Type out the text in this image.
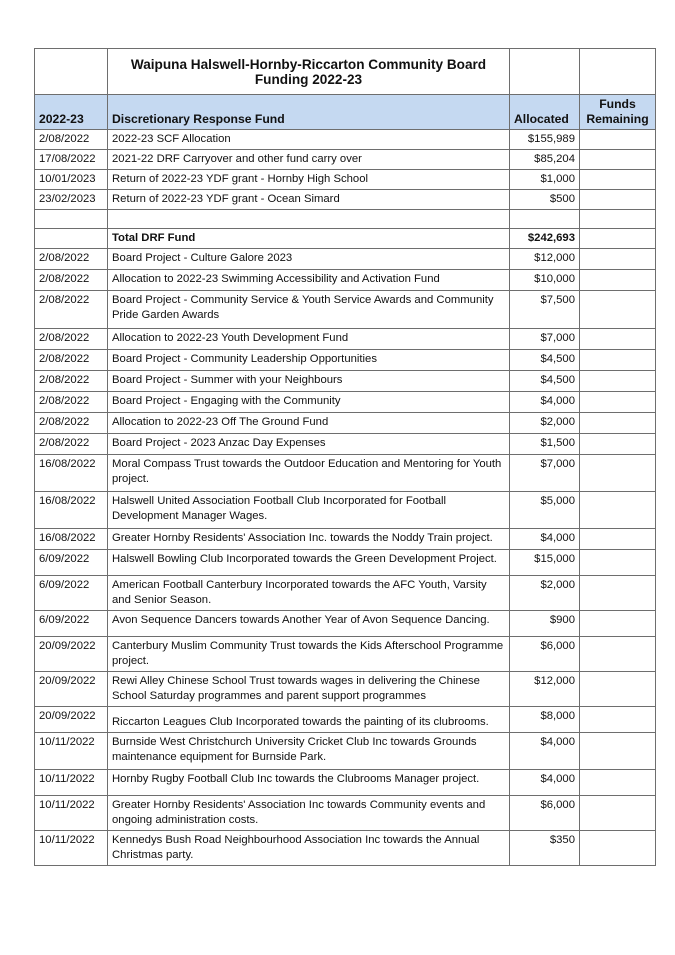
	Waipuna Halswell-Hornby-Riccarton Community Board
Funding 2022-23		

2022-23	Discretionary Response Fund	Allocated	Funds
Remaining

2/08/2022	2022-23 SCF Allocation	$155,989	
17/08/2022	2021-22 DRF Carryover and other fund carry over	$85,204	
10/01/2023	Return of 2022-23 YDF grant - Hornby High School	$1,000	
23/02/2023	Return of 2022-23 YDF grant - Ocean Simard	$500	

	Total DRF Fund	$242,693	
2/08/2022	Board Project - Culture Galore 2023	$12,000	
2/08/2022	Allocation to 2022-23 Swimming Accessibility and Activation Fund	$10,000	
2/08/2022	Board Project - Community Service & Youth Service Awards and Community Pride Garden Awards	$7,500	
2/08/2022	Allocation to 2022-23 Youth Development Fund	$7,000	
2/08/2022	Board Project - Community Leadership Opportunities	$4,500	
2/08/2022	Board Project - Summer with your Neighbours	$4,500	
2/08/2022	Board Project - Engaging with the Community	$4,000	
2/08/2022	Allocation to 2022-23 Off The Ground Fund	$2,000	
2/08/2022	Board Project - 2023 Anzac Day Expenses	$1,500	
16/08/2022	Moral Compass Trust towards the Outdoor Education and Mentoring for Youth project.	$7,000	
16/08/2022	Halswell United Association Football Club Incorporated for Football Development Manager Wages.	$5,000	
16/08/2022	Greater Hornby Residents' Association Inc. towards the Noddy Train project.	$4,000	
6/09/2022	Halswell Bowling Club Incorporated towards the Green Development Project.	$15,000	
6/09/2022	American Football Canterbury Incorporated towards the AFC Youth, Varsity and Senior Season.	$2,000	
6/09/2022	Avon Sequence Dancers towards Another Year of Avon Sequence Dancing.	$900	
20/09/2022	Canterbury Muslim Community Trust towards the Kids Afterschool Programme project.	$6,000	
20/09/2022	Rewi Alley Chinese School Trust towards wages in delivering the Chinese School Saturday programmes and parent support programmes	$12,000	
20/09/2022	Riccarton Leagues Club Incorporated towards the painting of its clubrooms.	$8,000	
10/11/2022	Burnside West Christchurch University Cricket Club Inc towards Grounds maintenance equipment for Burnside Park.	$4,000	
10/11/2022	Hornby Rugby Football Club Inc towards the Clubrooms Manager project.	$4,000	
10/11/2022	Greater Hornby Residents' Association Inc towards Community events and ongoing administration costs.	$6,000	
10/11/2022	Kennedys Bush Road Neighbourhood Association Inc towards the Annual Christmas party.	$350	
